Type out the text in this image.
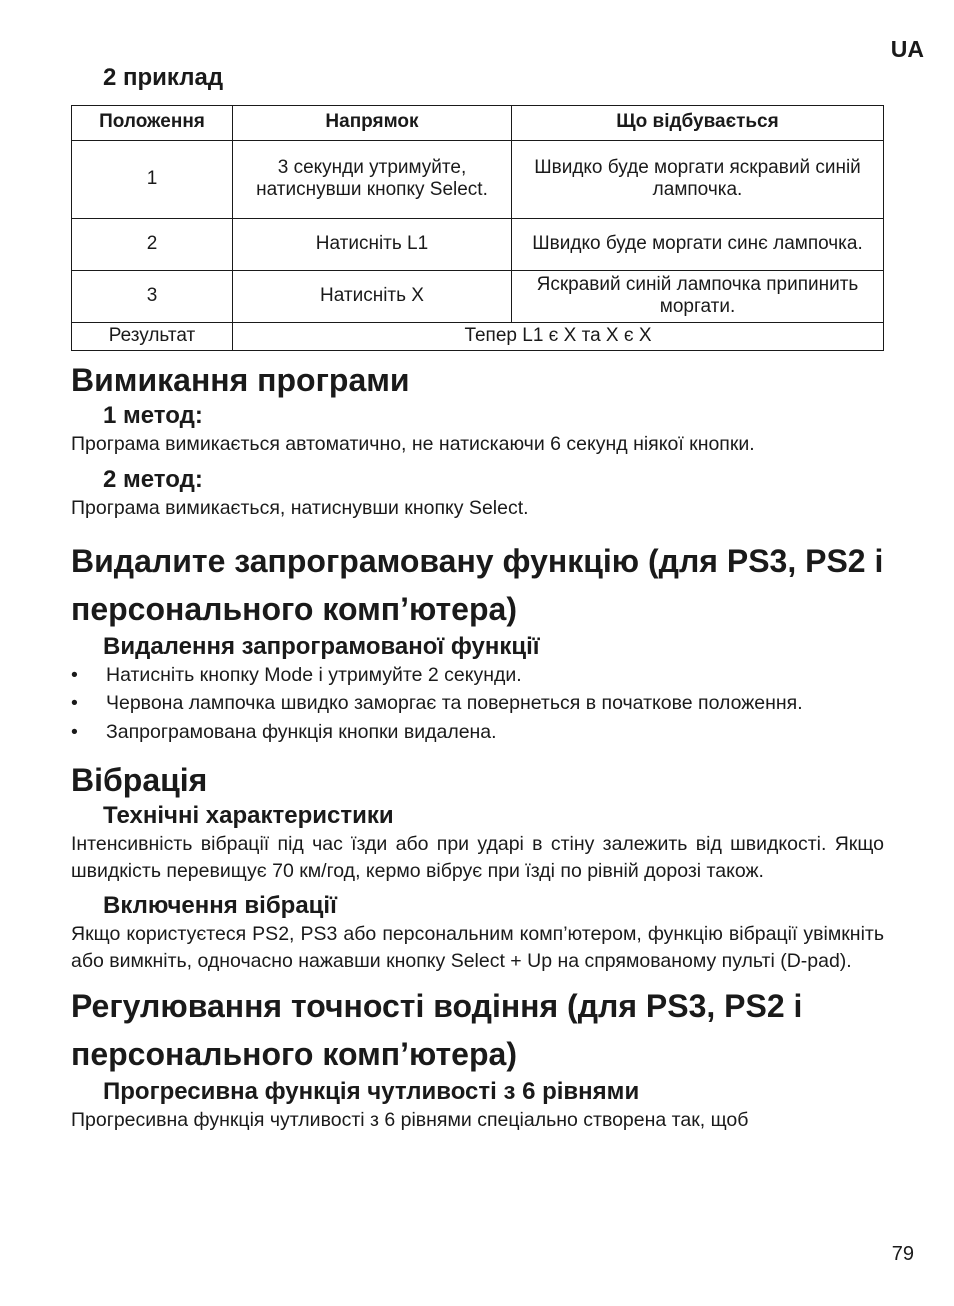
UA
2 приклад
Положення	Напрямок	Що відбувається
1	3 секунди утримуйте, натиснувши кнопку Select.	Швидко буде моргати яскравий синій лампочка.
2	Натисніть L1	Швидко буде моргати синє лампочка.
3	Натисніть X	Яскравий синій лампочка припинить моргати.
Результат	Тепер L1 є X та X є X	
Вимикання програми
1 метод:
Програма вимикається автоматично, не натискаючи 6 секунд ніякої кнопки.
2 метод:
Програма вимикається, натиснувши кнопку Select.
Видалите запрограмовану функцію (для PS3, PS2 і персонального комп’ютера)
Видалення запрограмованої функції
•	Натисніть кнопку Mode і утримуйте 2 секунди.
• Червона лампочка швидко заморгає та повернеться в початкове положення.
•	Запрограмована функція кнопки видалена.
Вібрація
Технічні характеристики
Інтенсивність вібрації під час їзди або при ударі в стіну залежить від швидкості. Якщо швидкість перевищує 70 км/год, кермо вібрує при їзді по рівній дорозі також.
Включення вібрації
Якщо користуєтеся PS2, PS3 або персональним комп’ютером, функцію вібрації увімкніть або вимкніть, одночасно нажавши кнопку Select + Up на спрямованому пульті (D-pad).
Регулювання точності водіння (для PS3, PS2 і персонального комп’ютера)
Прогресивна функція чутливості з 6 рівнями
Прогресивна функція чутливості з 6 рівнями спеціально створена так, щоб
79
